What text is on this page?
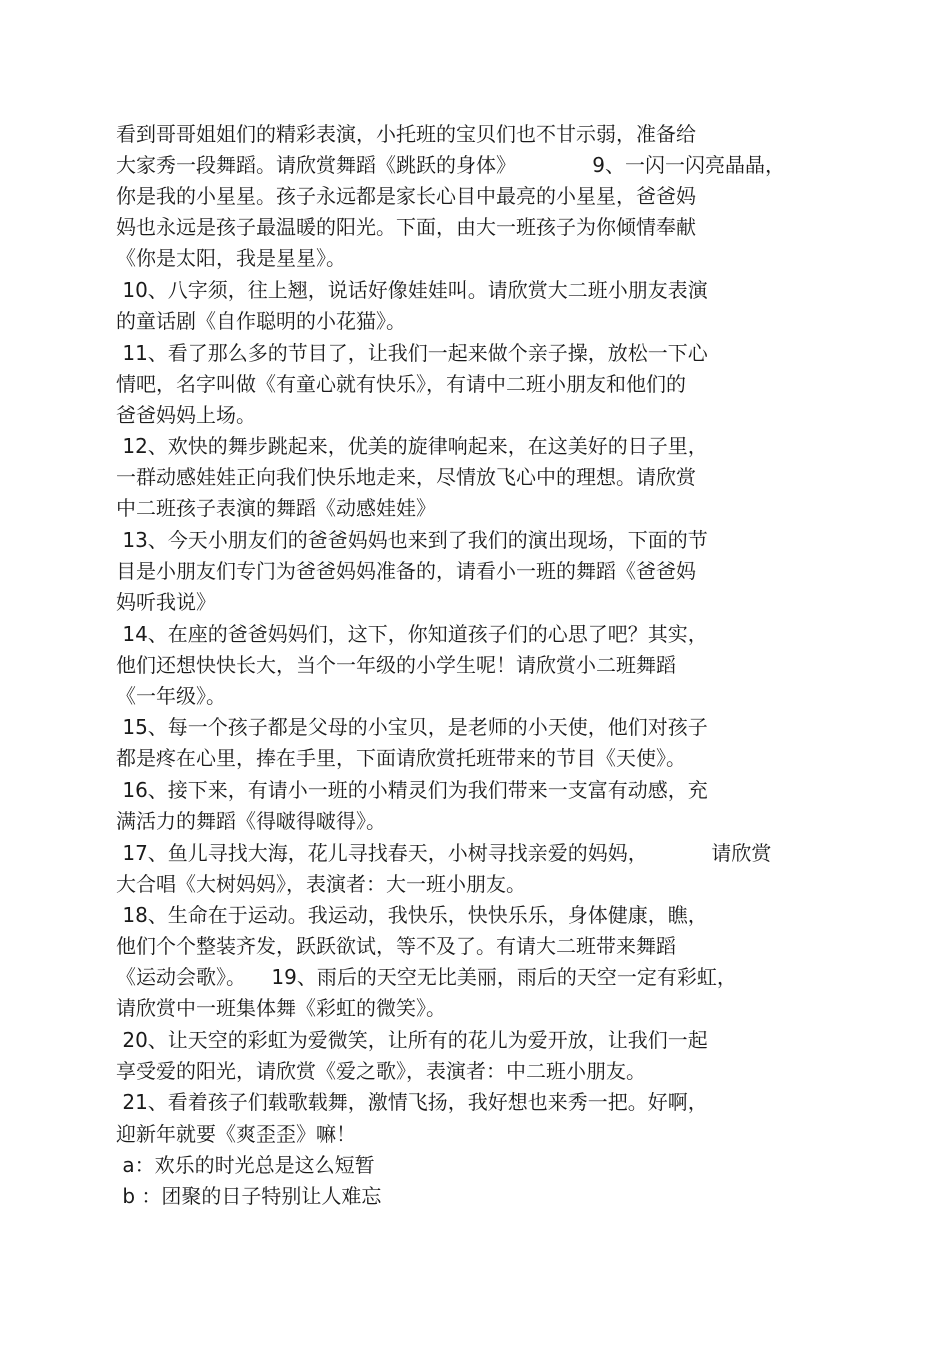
看到哥哥姐姐们的精彩表演，小托班的宝贝们也不甘示弱，准备给
大家秀一段舞蹈。请欣赏舞蹈《跳跃的身体》            9、一闪一闪亮晶晶，
你是我的小星星。孩子永远都是家长心目中最亮的小星星，爸爸妈
妈也永远是孩子最温暖的阳光。下面，由大一班孩子为你倾情奉献
《你是太阳，我是星星》。
10、八字须，往上翘，说话好像娃娃叫。请欣赏大二班小朋友表演
的童话剧《自作聪明的小花猫》。
11、看了那么多的节目了，让我们一起来做个亲子操，放松一下心
情吧，名字叫做《有童心就有快乐》，有请中二班小朋友和他们的
爸爸妈妈上场。
12、欢快的舞步跳起来，优美的旋律响起来，在这美好的日子里，
一群动感娃娃正向我们快乐地走来，尽情放飞心中的理想。请欣赏
中二班孩子表演的舞蹈《动感娃娃》
13、今天小朋友们的爸爸妈妈也来到了我们的演出现场，下面的节
目是小朋友们专门为爸爸妈妈准备的，请看小一班的舞蹈《爸爸妈
妈听我说》
14、在座的爸爸妈妈们，这下，你知道孩子们的心思了吧？其实，
他们还想快快长大，当个一年级的小学生呢！请欣赏小二班舞蹈
《一年级》。
15、每一个孩子都是父母的小宝贝，是老师的小天使，他们对孩子
都是疼在心里，捧在手里，下面请欣赏托班带来的节目《天使》。
16、接下来，有请小一班的小精灵们为我们带来一支富有动感，充
满活力的舞蹈《得啵得啵得》。
17、鱼儿寻找大海，花儿寻找春天，小树寻找亲爱的妈妈，          请欣赏
大合唱《大树妈妈》，表演者：大一班小朋友。
18、生命在于运动。我运动，我快乐，快快乐乐，身体健康，瞧，
他们个个整装齐发，跃跃欲试，等不及了。有请大二班带来舞蹈
《运动会歌》。    19、雨后的天空无比美丽，雨后的天空一定有彩虹，
请欣赏中一班集体舞《彩虹的微笑》。
20、让天空的彩虹为爱微笑，让所有的花儿为爱开放，让我们一起
享受爱的阳光，请欣赏《爱之歌》，表演者：中二班小朋友。
21、看着孩子们载歌载舞，激情飞扬，我好想也来秀一把。好啊，
迎新年就要《爽歪歪》嘛！
a：欢乐的时光总是这么短暂
b ：团聚的日子特别让人难忘
